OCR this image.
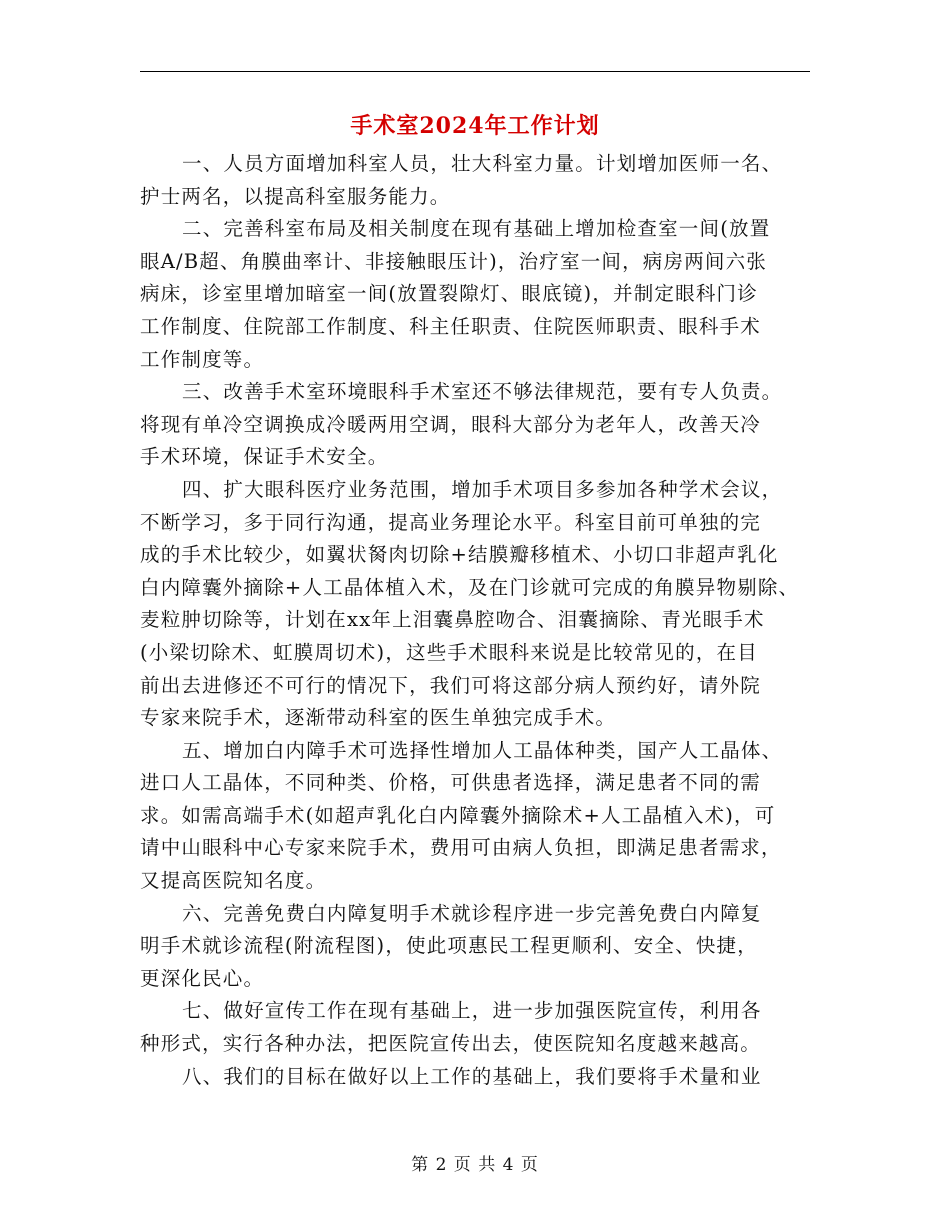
手术室2024年工作计划
一、人员方面增加科室人员，壮大科室力量。计划增加医师一名、
护士两名，以提高科室服务能力。
二、完善科室布局及相关制度在现有基础上增加检查室一间(放置
眼A/B超、角膜曲率计、非接触眼压计)，治疗室一间，病房两间六张
病床，诊室里增加暗室一间(放置裂隙灯、眼底镜)，并制定眼科门诊
工作制度、住院部工作制度、科主任职责、住院医师职责、眼科手术
工作制度等。
三、改善手术室环境眼科手术室还不够法律规范，要有专人负责。
将现有单冷空调换成冷暖两用空调，眼科大部分为老年人，改善天冷
手术环境，保证手术安全。
四、扩大眼科医疗业务范围，增加手术项目多参加各种学术会议，
不断学习，多于同行沟通，提高业务理论水平。科室目前可单独的完
成的手术比较少，如翼状胬肉切除+结膜瓣移植术、小切口非超声乳化
白内障囊外摘除+人工晶体植入术，及在门诊就可完成的角膜异物剔除、
麦粒肿切除等，计划在xx年上泪囊鼻腔吻合、泪囊摘除、青光眼手术
(小梁切除术、虹膜周切术)，这些手术眼科来说是比较常见的，在目
前出去进修还不可行的情况下，我们可将这部分病人预约好，请外院
专家来院手术，逐渐带动科室的医生单独完成手术。
五、增加白内障手术可选择性增加人工晶体种类，国产人工晶体、
进口人工晶体，不同种类、价格，可供患者选择，满足患者不同的需
求。如需高端手术(如超声乳化白内障囊外摘除术+人工晶植入术)，可
请中山眼科中心专家来院手术，费用可由病人负担，即满足患者需求，
又提高医院知名度。
六、完善免费白内障复明手术就诊程序进一步完善免费白内障复
明手术就诊流程(附流程图)，使此项惠民工程更顺利、安全、快捷，
更深化民心。
七、做好宣传工作在现有基础上，进一步加强医院宣传，利用各
种形式，实行各种办法，把医院宣传出去，使医院知名度越来越高。
八、我们的目标在做好以上工作的基础上，我们要将手术量和业
第 2 页 共 4 页
